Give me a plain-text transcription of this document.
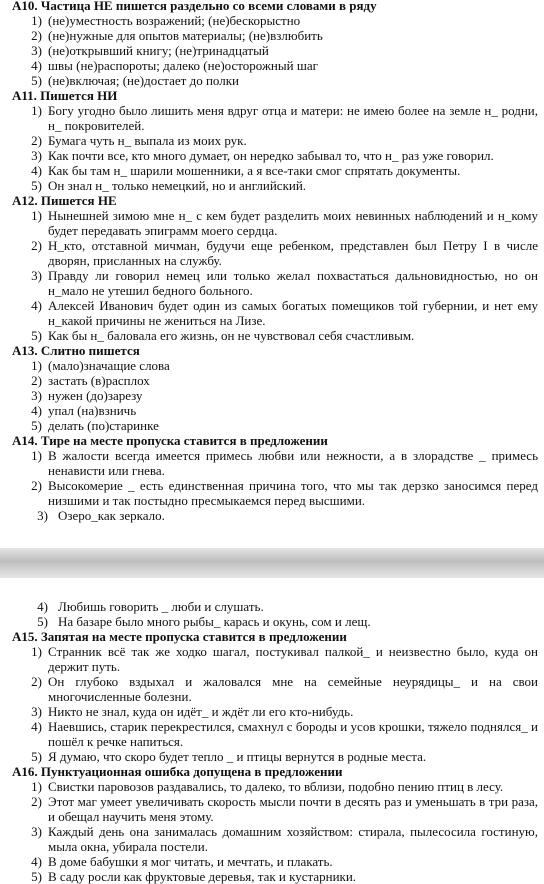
А10. Частица НЕ пишется раздельно со всеми словами в ряду
1) (не)уместность возражений; (не)бескорыстно
2) (не)нужные для опытов материалы; (не)взлюбить
3) (не)открывший книгу; (не)тринадцатый
4) швы (не)распороты; далеко (не)осторожный шаг
5) (не)включая; (не)достает до полки
А11. Пишется НИ
1) Богу угодно было лишить меня вдруг отца и матери: не имею более на земле н_ родни, н_ покровителей.
2) Бумага чуть н_ выпала из моих рук.
3) Как почти все, кто много думает, он нередко забывал то, что н_ раз уже говорил.
4) Как бы там н_ шарили мошенники, а я все-таки смог спрятать документы.
5) Он знал н_ только немецкий, но и английский.
А12. Пишется НЕ
1) Нынешней зимою мне н_ с кем будет разделить моих невинных наблюдений и н_кому будет передавать эпиграмм моего сердца.
2) Н_кто, отставной мичман, будучи еще ребенком, представлен был Петру I в числе дворян, присланных на службу.
3) Правду ли говорил немец или только желал похвастаться дальновидностью, но он н_мало не утешил бедного больного.
4) Алексей Иванович будет один из самых богатых помещиков той губернии, и нет ему н_какой причины не жениться на Лизе.
5) Как бы н_ баловала его жизнь, он не чувствовал себя счастливым.
А13. Слитно пишется
1) (мало)значащие слова
2) застать (в)расплох
3) нужен (до)зарезу
4) упал (на)взничь
5) делать (по)старинке
А14. Тире на месте пропуска ставится в предложении
1) В жалости всегда имеется примесь любви или нежности, а в злорадстве _ примесь ненависти или гнева.
2) Высокомерие _ есть единственная причина того, что мы так дерзко заносимся перед низшими и так постыдно пресмыкаемся перед высшими.
3) Озеро_как зеркало.
4) Любишь говорить _ люби и слушать.
5) На базаре было много рыбы_ карась и окунь, сом и лещ.
А15. Запятая на месте пропуска ставится в предложении
1) Странник всё так же ходко шагал, постукивал палкой_ и неизвестно было, куда он держит путь.
2) Он глубоко вздыхал и жаловался мне на семейные неурядицы_ и на свои многочисленные болезни.
3) Никто не знал, куда он идёт_ и ждёт ли его кто-нибудь.
4) Наевшись, старик перекрестился, смахнул с бороды и усов крошки, тяжело поднялся_ и пошёл к речке напиться.
5) Я думаю, что скоро будет тепло _ и птицы вернутся в родные места.
А16. Пунктуационная ошибка допущена в предложении
1) Свистки паровозов раздавались, то далеко, то вблизи, подобно пению птиц в лесу.
2) Этот маг умеет увеличивать скорость мысли почти в десять раз и уменьшать в три раза, и обещал научить меня этому.
3) Каждый день она занималась домашним хозяйством: стирала, пылесосила гостиную, мыла окна, убирала постели.
4) В доме бабушки я мог читать, и мечтать, и плакать.
5) В саду росли как фруктовые деревья, так и кустарники.
